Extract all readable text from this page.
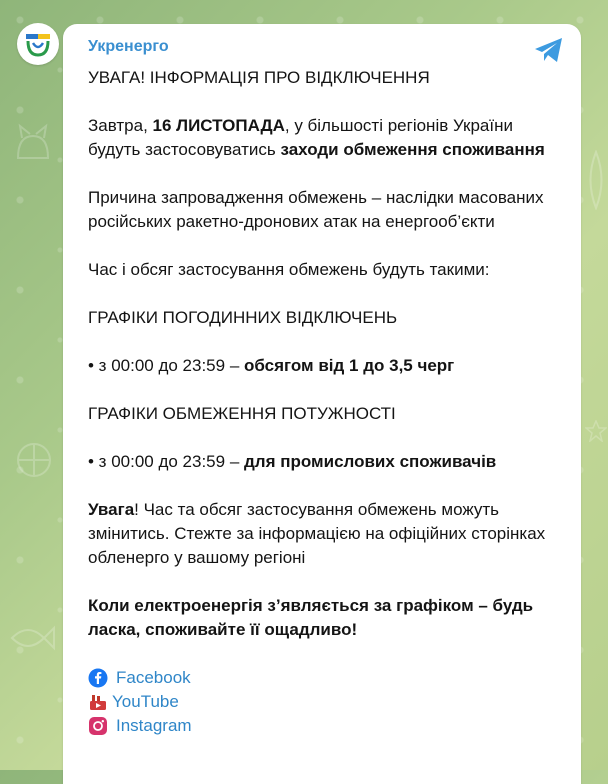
Укренерго

УВАГА! ІНФОРМАЦІЯ ПРО ВІДКЛЮЧЕННЯ

Завтра, 16 ЛИСТОПАДА, у більшості регіонів України будуть застосовуватись заходи обмеження споживання

Причина запровадження обмежень – наслідки масованих російських ракетно-дронових атак на енергооб’єкти

Час і обсяг застосування обмежень будуть такими:

ГРАФІКИ ПОГОДИННИХ ВІДКЛЮЧЕНЬ

• з 00:00 до 23:59 – обсягом від 1 до 3,5 черг

ГРАФІКИ ОБМЕЖЕННЯ ПОТУЖНОСТІ

• з 00:00 до 23:59 – для промислових споживачів

Увага! Час та обсяг застосування обмежень можуть змінитись. Стежте за інформацією на офіційних сторінках обленерго у вашому регіоні

Коли електроенергія з’являється за графіком – будь ласка, споживайте її ощадливо!

Facebook
YouTube
Instagram
